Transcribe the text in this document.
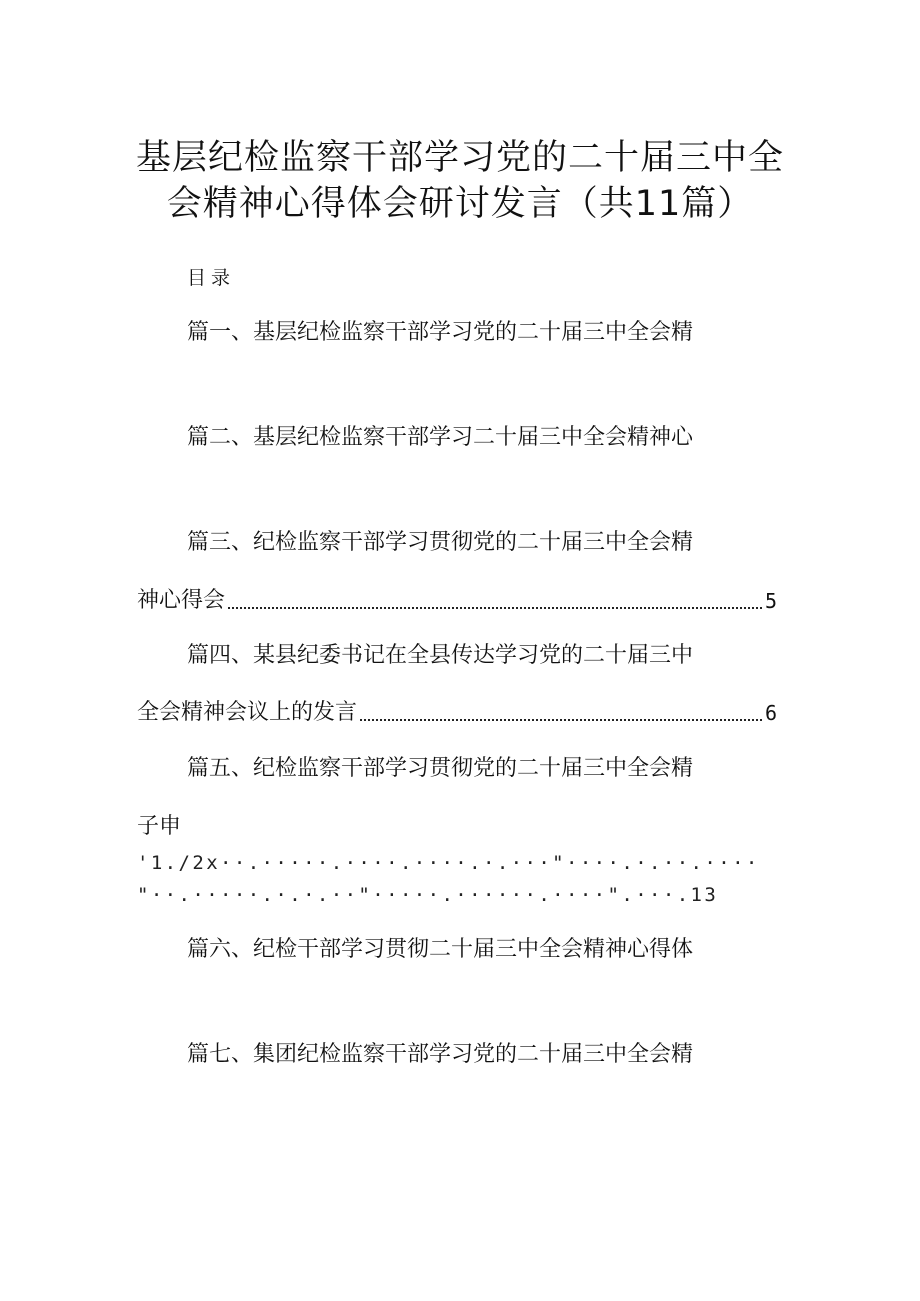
基层纪检监察干部学习党的二十届三中全
会精神心得体会研讨发言（共11篇）
目录
篇一、基层纪检监察干部学习党的二十届三中全会精
篇二、基层纪检监察干部学习二十届三中全会精神心
篇三、纪检监察干部学习贯彻党的二十届三中全会精
神心得会	5
篇四、某县纪委书记在全县传达学习党的二十届三中
全会精神会议上的发言	6
篇五、纪检监察干部学习贯彻党的二十届三中全会精
子申
'1./2x··.·····.····.····.·.···"····.·.··.····
"··.·····.·.·.··"·····.······.····".···.13
篇六、纪检干部学习贯彻二十届三中全会精神心得体
篇七、集团纪检监察干部学习党的二十届三中全会精
